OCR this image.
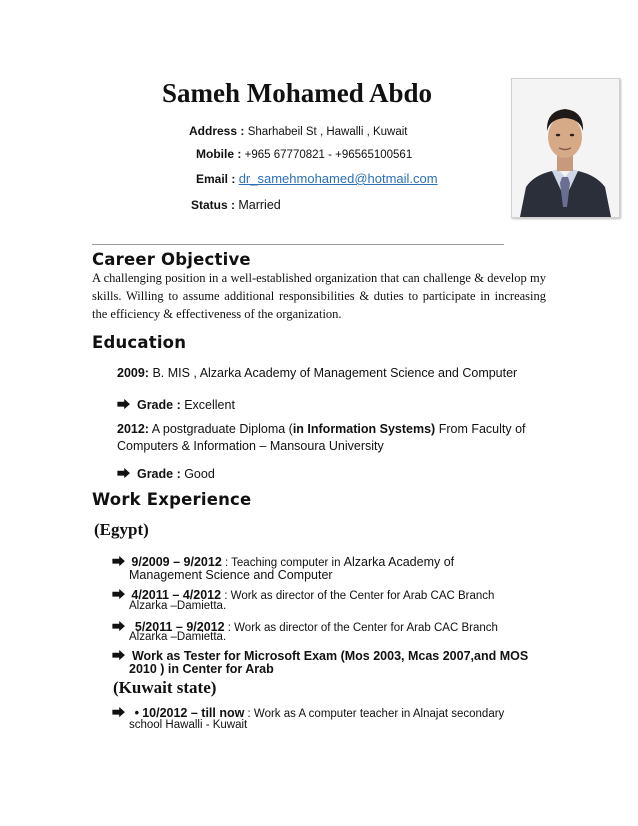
Sameh Mohamed Abdo
Address : Sharhabeil St , Hawalli , Kuwait
Mobile : +965 67770821 - +96565100561
Email : dr_samehmohamed@hotmail.com
Status : Married
Career Objective
A challenging position in a well-established organization that can challenge & develop my skills. Willing to assume additional responsibilities & duties to participate in increasing the efficiency & effectiveness of the organization.
Education
2009: B. MIS , Alzarka Academy of Management Science and Computer
⮕ Grade : Excellent
2012: A postgraduate Diploma (in Information Systems) From Faculty of
Computers & Information – Mansoura University
⮕ Grade : Good
Work Experience
(Egypt)
⮕ 9/2009 – 9/2012 : Teaching computer in Alzarka Academy of
Management Science and Computer
⮕ 4/2011 – 4/2012 : Work as director of the Center for Arab CAC Branch
Alzarka –Damietta.
⮕   5/2011 – 9/2012 : Work as director of the Center for Arab CAC Branch
Alzarka –Damietta.
⮕ Work as Tester for Microsoft Exam (Mos 2003, Mcas 2007,and MOS
2010 ) in Center for Arab
(Kuwait state)
⮕ • 10/2012 – till now : Work as A computer teacher in Alnajat secondary
school Hawalli - Kuwait
